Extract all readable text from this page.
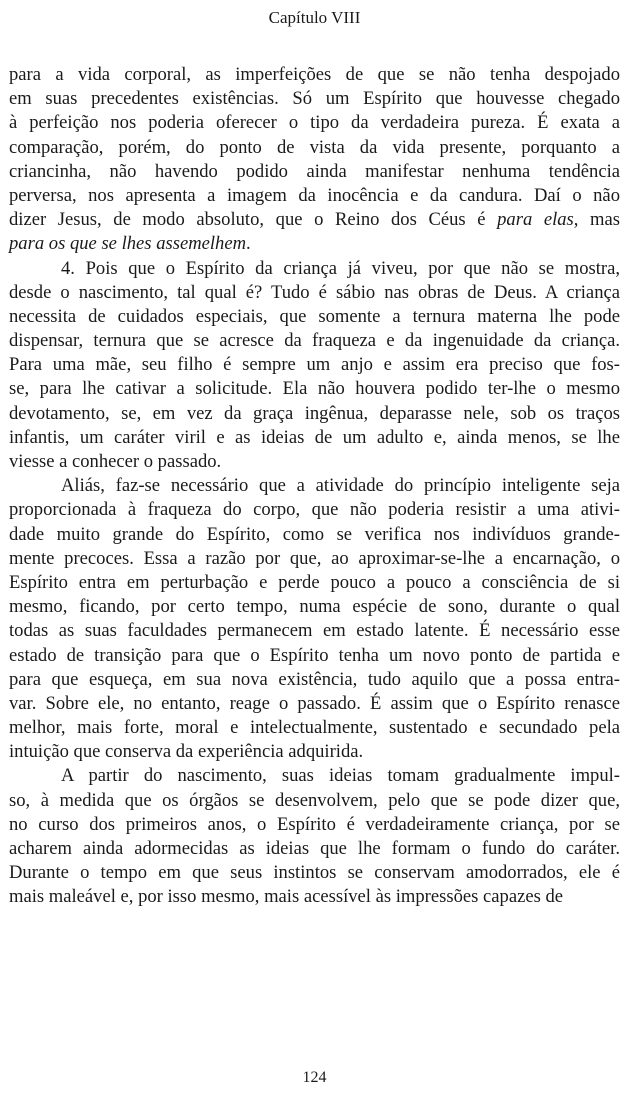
Capítulo VIII
para a vida corporal, as imperfeições de que se não tenha despojado
em suas precedentes existências. Só um Espírito que houvesse chegado
à perfeição nos poderia oferecer o tipo da verdadeira pureza. É exata a
comparação, porém, do ponto de vista da vida presente, porquanto a
criancinha, não havendo podido ainda manifestar nenhuma tendência
perversa, nos apresenta a imagem da inocência e da candura. Daí o não
dizer Jesus, de modo absoluto, que o Reino dos Céus é para elas, mas
para os que se lhes assemelhem.
4. Pois que o Espírito da criança já viveu, por que não se mostra,
desde o nascimento, tal qual é? Tudo é sábio nas obras de Deus. A criança
necessita de cuidados especiais, que somente a ternura materna lhe pode
dispensar, ternura que se acresce da fraqueza e da ingenuidade da criança.
Para uma mãe, seu filho é sempre um anjo e assim era preciso que fos-
se, para lhe cativar a solicitude. Ela não houvera podido ter-lhe o mesmo
devotamento, se, em vez da graça ingênua, deparasse nele, sob os traços
infantis, um caráter viril e as ideias de um adulto e, ainda menos, se lhe
viesse a conhecer o passado.
Aliás, faz-se necessário que a atividade do princípio inteligente seja
proporcionada à fraqueza do corpo, que não poderia resistir a uma ativi-
dade muito grande do Espírito, como se verifica nos indivíduos grande-
mente precoces. Essa a razão por que, ao aproximar-se-lhe a encarnação, o
Espírito entra em perturbação e perde pouco a pouco a consciência de si
mesmo, ficando, por certo tempo, numa espécie de sono, durante o qual
todas as suas faculdades permanecem em estado latente. É necessário esse
estado de transição para que o Espírito tenha um novo ponto de partida e
para que esqueça, em sua nova existência, tudo aquilo que a possa entra-
var. Sobre ele, no entanto, reage o passado. É assim que o Espírito renasce
melhor, mais forte, moral e intelectualmente, sustentado e secundado pela
intuição que conserva da experiência adquirida.
A partir do nascimento, suas ideias tomam gradualmente impul-
so, à medida que os órgãos se desenvolvem, pelo que se pode dizer que,
no curso dos primeiros anos, o Espírito é verdadeiramente criança, por se
acharem ainda adormecidas as ideias que lhe formam o fundo do caráter.
Durante o tempo em que seus instintos se conservam amodorrados, ele é
mais maleável e, por isso mesmo, mais acessível às impressões capazes de
124
